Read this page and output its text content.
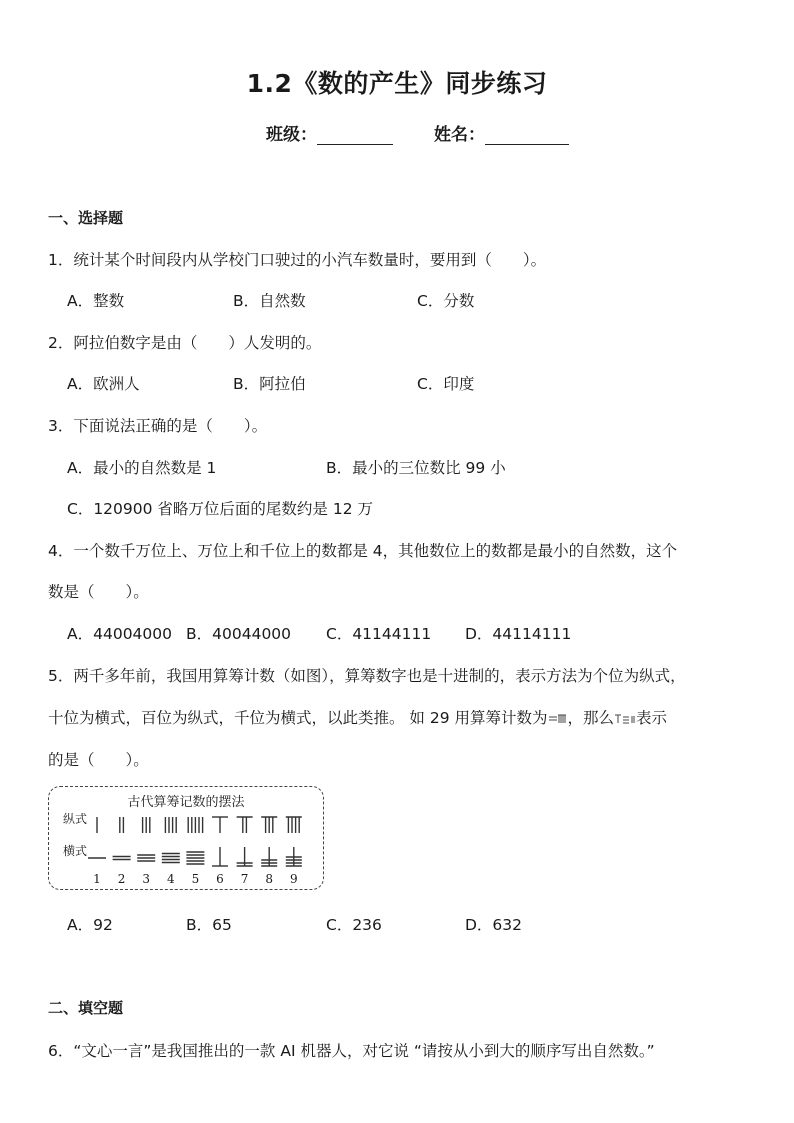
1.2《数的产生》同步练习
班级：	姓名：
一、选择题
1．统计某个时间段内从学校门口驶过的小汽车数量时，要用到（　　）。
A．整数	B．自然数	C．分数
2．阿拉伯数字是由（　　）人发明的。
A．欧洲人	B．阿拉伯	C．印度
3．下面说法正确的是（　　）。
A．最小的自然数是 1	B．最小的三位数比 99 小
C．120900 省略万位后面的尾数约是 12 万
4．一个数千万位上、万位上和千位上的数都是 4，其他数位上的数都是最小的自然数，这个
数是（　　）。
A．44004000 B．40044000 C．41144111 D．44114111
5．两千多年前，我国用算筹计数（如图），算筹数字也是十进制的，表示方法为个位为纵式，
十位为横式，百位为纵式，千位为横式，以此类推。 如 29 用算筹计数为 ，那么 表示
的是（　　）。
古代算筹记数的摆法
纵式
横式
1 2 3 4 5 6 7 8 9
A．92	B．65	C．236	D．632
二、填空题
6．“文心一言”是我国推出的一款 AI 机器人，对它说 “请按从小到大的顺序写出自然数。”
